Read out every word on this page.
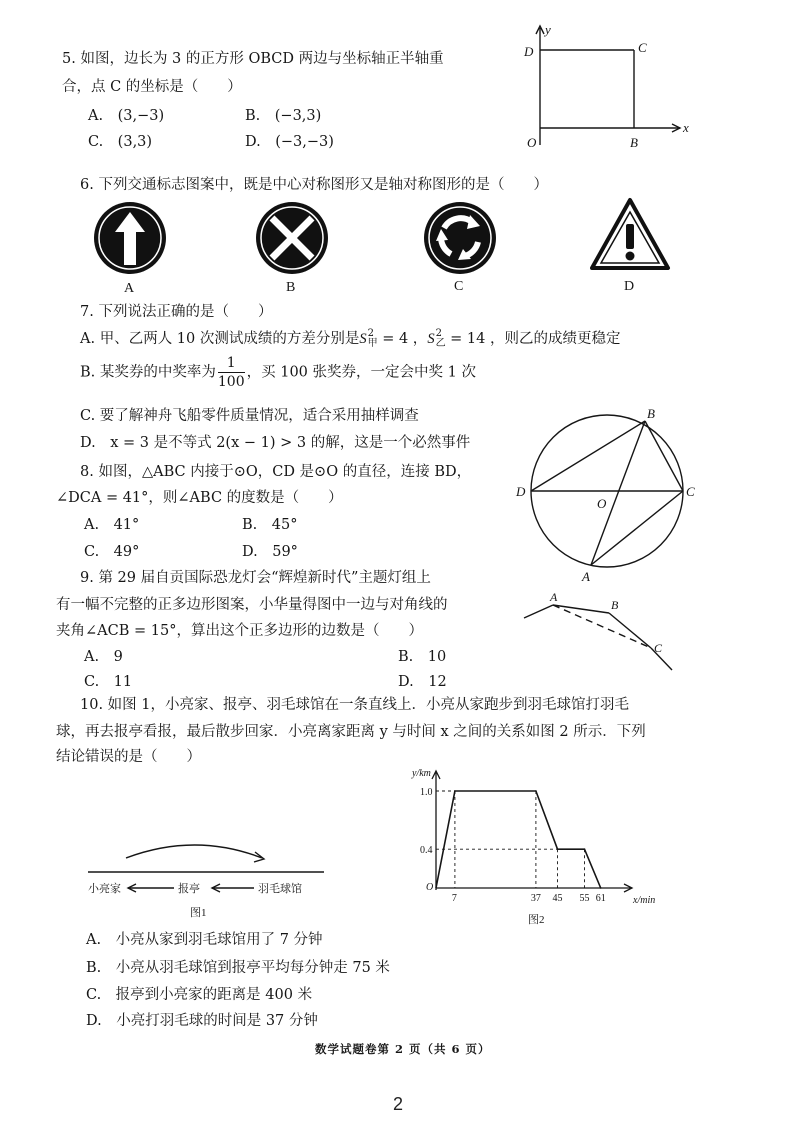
5. 如图，边长为 3 的正方形 OBCD 两边与坐标轴正半轴重
合，点 C 的坐标是（　　）
A.　(3,−3)	B.　(−3,3)
C.　(3,3)	D.　(−3,−3)
y
x
D	C
O	B
6. 下列交通标志图案中，既是中心对称图形又是轴对称图形的是（　　）
A	B	C	D
7. 下列说法正确的是（　　）
A. 甲、乙两人 10 次测试成绩的方差分别是S 2
甲 = 4 ，S 2
乙 = 14 ，则乙的成绩更稳定
B. 某奖券的中奖率为 $\frac{1}{100}$ ，买 100 张奖券，一定会中奖 1 次
C. 要了解神舟飞船零件质量情况，适合采用抽样调查
D.　x = 3 是不等式 2(x − 1) > 3 的解，这是一个必然事件
8. 如图，△ABC 内接于⊙O，CD 是⊙O 的直径，连接 BD，
∠DCA = 41°，则∠ABC 的度数是（　　）
A.　41°	B.　45°
C.　49°	D.　59°
B
D
O
C
A
9. 第 29 届自贡国际恐龙灯会“辉煌新时代”主题灯组上
有一幅不完整的正多边形图案，小华量得图中一边与对角线的
夹角∠ACB = 15°，算出这个正多边形的边数是（　　）
A.　9	B.　10
C.　11	D.　12
A
B
C
10. 如图 1，小亮家、报亭、羽毛球馆在一条直线上．小亮从家跑步到羽毛球馆打羽毛
球，再去报亭看报，最后散步回家．小亮离家距离 y 与时间 x 之间的关系如图 2 所示．下列
结论错误的是（　　）
小亮家	报亭	羽毛球馆
图1
7	37 45 55 61
0.4
1.0
y/km
x/min
O
图2
A.　小亮从家到羽毛球馆用了 7 分钟
B.　小亮从羽毛球馆到报亭平均每分钟走 75 米
C.　报亭到小亮家的距离是 400 米
D.　小亮打羽毛球的时间是 37 分钟
数学试题卷第 2 页（共 6 页）
2
